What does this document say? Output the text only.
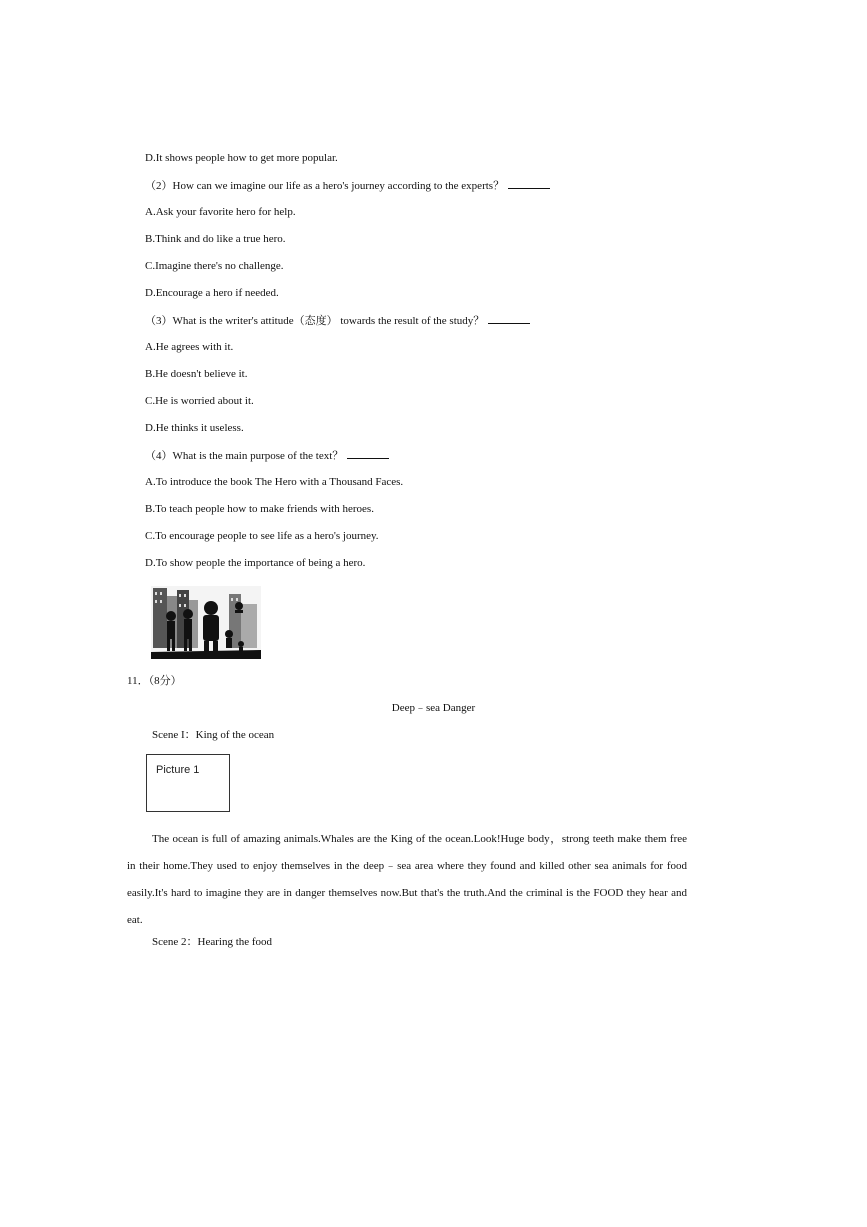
D.It shows people how to get more popular.
（2）How can we imagine our life as a hero's journey according to the experts？
A.Ask your favorite hero for help.
B.Think and do like a true hero.
C.Imagine there's no challenge.
D.Encourage a hero if needed.
（3）What is the writer's attitude（态度） towards the result of the study？
A.He agrees with it.
B.He doesn't believe it.
C.He is worried about it.
D.He thinks it useless.
（4）What is the main purpose of the text？
A.To introduce the book The Hero with a Thousand Faces.
B.To teach people how to make friends with heroes.
C.To encourage people to see life as a hero's journey.
D.To show people the importance of being a hero.
11．（8分）
Deep﹣sea Danger
Scene I：King of the ocean
Picture 1
The ocean is full of amazing animals.Whales are the King of the ocean.Look!Huge body，strong teeth make them free in their home.They used to enjoy themselves in the deep﹣sea area where they found and killed other sea animals for food easily.It's hard to imagine they are in danger themselves now.But that's the truth.And the criminal is the FOOD they hear and eat.
Scene 2：Hearing the food
